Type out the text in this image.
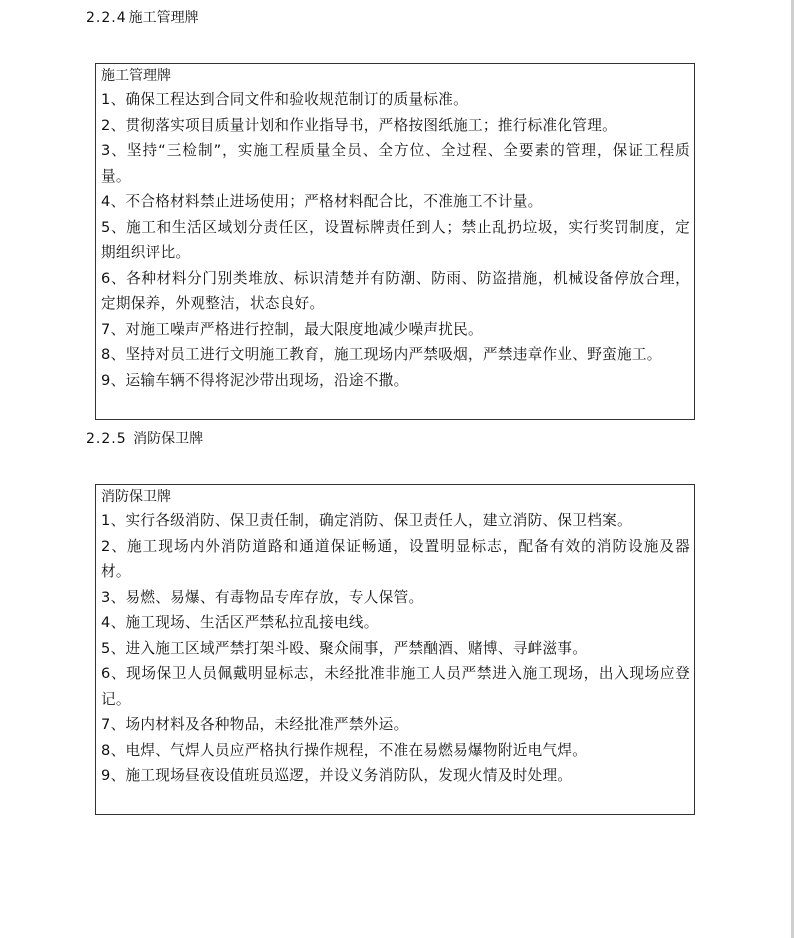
2.2.4 施工管理牌
施工管理牌
1、确保工程达到合同文件和验收规范制订的质量标准。
2、贯彻落实项目质量计划和作业指导书，严格按图纸施工；推行标准化管理。
3、坚持“三检制”，实施工程质量全员、全方位、全过程、全要素的管理，保证工程质量。
4、不合格材料禁止进场使用；严格材料配合比，不准施工不计量。
5、施工和生活区域划分责任区，设置标牌责任到人；禁止乱扔垃圾，实行奖罚制度，定期组织评比。
6、各种材料分门别类堆放、标识清楚并有防潮、防雨、防盗措施，机械设备停放合理，定期保养，外观整洁，状态良好。
7、对施工噪声严格进行控制，最大限度地减少噪声扰民。
8、坚持对员工进行文明施工教育，施工现场内严禁吸烟，严禁违章作业、野蛮施工。
9、运输车辆不得将泥沙带出现场，沿途不撒。
2.2.5 消防保卫牌
消防保卫牌
1、实行各级消防、保卫责任制，确定消防、保卫责任人，建立消防、保卫档案。
2、施工现场内外消防道路和通道保证畅通，设置明显标志，配备有效的消防设施及器材。
3、易燃、易爆、有毒物品专库存放，专人保管。
4、施工现场、生活区严禁私拉乱接电线。
5、进入施工区域严禁打架斗殴、聚众闹事，严禁酗酒、赌博、寻衅滋事。
6、现场保卫人员佩戴明显标志，未经批准非施工人员严禁进入施工现场，出入现场应登记。
7、场内材料及各种物品，未经批准严禁外运。
8、电焊、气焊人员应严格执行操作规程，不准在易燃易爆物附近电气焊。
9、施工现场昼夜设值班员巡逻，并设义务消防队，发现火情及时处理。
